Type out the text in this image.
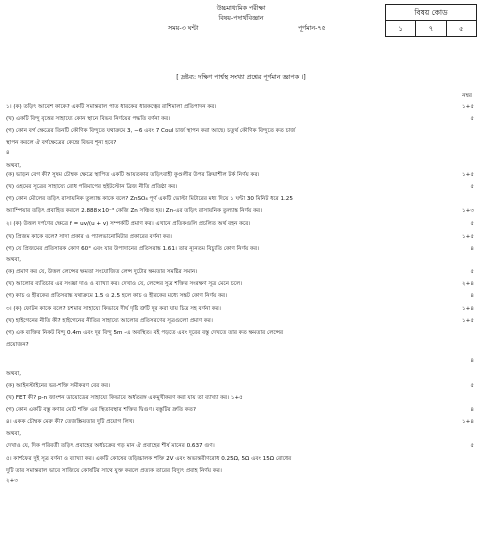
উচ্চমাধ্যমিক পরীক্ষা
বিষয়-পদার্থবিজ্ঞান
সময়-৩ ঘন্টা	পূর্ণমান-৭৫
বিষয় কোড
১	৭	৫
[ দ্রষ্টব্য: দক্ষিণ পার্শ্বস্থ সংখ্যা প্রশ্নের পূর্ণমান জ্ঞাপক ।]
নম্বর
১। (ক) তড়িৎ আবেশ কাকে? একটি সমান্তরাল পাত ধারকের ধারকত্বের রাশিমালা প্রতিপাদন কর।	১+৫
(খ) একটি বিন্দু বৃত্তের সাহায্যে কোন স্থানে বিভব নির্ণয়ের পদ্ধতি বর্ণনা কর।	৫
(গ) কোন বর্গ ক্ষেত্রের তিনটি কৌণিক বিন্দুতে যথাক্রমে 3, −6 এবং 7 Coul চার্জ স্থাপন করা আছে। চতুর্থ কৌণিক বিন্দুতে কত চার্জ
স্থাপন করলে ঐ বর্গক্ষেত্রের কেন্দ্রে বিভব শূন্য হবে?
৪
অথবা,
(ক) ভাড়ন বেগ কী? সুষম চৌম্বক ক্ষেত্রে স্থাপিত একটি আয়তকার তড়িৎবাহী কুণ্ডলীর উপর ক্রিয়াশীল টর্ক নির্ণয় কর।	১+৫
(খ) ওহমের সূত্রের সাহায্যে রোধ পরিমাপের হুইটস্টোন ব্রিজ নীতি প্রতিষ্ঠা কর।	৫
(গ) কোন মৌলের তড়িৎ রাসায়নিক তুল্যাঙ্ক কাকে বলে? ZnSO₄ পূর্ণ একটি ভোল্টা মিটারের মধ্য দিয়ে ১ ঘন্টা 30 মিনিট ধরে 1.25
অ্যাম্পিয়ার তড়িৎ প্রবাহিত করলে 2.888×10⁻³ কেজি Zn সঞ্চিত হয়। Zn-এর তড়িৎ রাসায়নিক তুল্যাঙ্ক নির্ণয় কর।	১+৩
২। (ক) উত্তল দর্পণের ক্ষেত্রে f = uv/(u + v) সম্পর্কটি প্রমাণ কর। এখানে প্রতিকগুলি প্রচলিত অর্থ বহন করে।	৫
(খ) প্রিজম কাকে বলে? সাদা প্রকার ও প্যালভানোমিটার প্রকারের বর্ণনা কর।	১+৫
(গ) যে প্রিজমের প্রতিসারক কোণ 60° এবং যার উপাদানের প্রতিসরাঙ্ক 1.61। তার ন্যূনতম বিচ্যুতি কোণ নির্ণয় কর।	৪
অথবা,
(ক) প্রমাণ কর যে, উত্তল লেন্সের ক্ষমতা সংযোজিত লেন্স দুটোর ক্ষমতার সমষ্টির সমান।	৫
(খ) আলোর ব্যতিচার এর সংজ্ঞা দাও ও ব্যাখ্যা কর। দেখাও যে, লেন্সের সুত্র শক্তির সংরক্ষণ সূত্র মেনে চলে।	২+৪
(গ) কাচ ও হীরকের প্রতিসরাঙ্ক যথাক্রমে 1.5 ও 2.5 হলে কাচ ও হীরকের মধ্যে সঙ্কট কোণ নির্ণয় কর।	৪
৩। (ক) ফোটন কাকে বলে? চশমার সাহায্যে কিভাবে দীর্ঘ দৃষ্টি ত্রুটি দূর করা যায় চিত্র সহ বর্ণনা কর।	১+৪
(খ) হাইগেনের নীতি কী? হাইগেনের নীতির সাহায্যে আলোর প্রতিসরণের সূত্রগুলো প্রমাণ কর।	১+৫
(গ) এক ব্যক্তির নিকট বিন্দু 0.4m এবং দূর বিন্দু 5m -এ অবস্থিত। বই পড়তে এবং দূরের বস্তু দেখতে তার কত ক্ষমতার লেন্সের
প্রয়োজন?
৪
অথবা,
(ক) আইনস্টাইনের ভর-শক্তি সমীকরণ বের কর।	৫
(খ) FET কী? p-n জাংশন ডায়োডের সাহায্যে কিভাবে অর্ধতরঙ্গ একমুখীকরণ করা যায় তা ব্যাখ্যা কর। ১+৫
(গ) কোন একটি বস্তু কণার মোট শক্তি এর স্থিতাবস্থার শক্তির দ্বিগুণ। বস্তুটির দ্রুতি কত?	৪
৪। একক চৌম্বক মেরু কী? তেজস্ক্রিয়তার দুটি প্রয়োগ লিখ।	১+৪
অথবা,
দেখাও যে, দিক পরিবর্তী তড়িৎ প্রবাহের অর্ধচক্রের গড় মান ঐ প্রবাহের শীর্ষ মানের 0.637 গুণ।	৫
৫। কার্শফের দুই সূত্র বর্ণনা ও ব্যাখ্যা কর। একটি কোষের তড়িচ্চালক শক্তি 2V এবং অভ্যন্তরীণরোধ 0.25Ω, 5Ω এবং 15Ω রোধের
দুটি তার সমান্তরাল ভাবে সাজিয়ে কোষটির সাথে যুক্ত করলে প্রত্যক তারের বিদ্যুৎ প্রবাহ নির্ণয় কর।
২+৩
